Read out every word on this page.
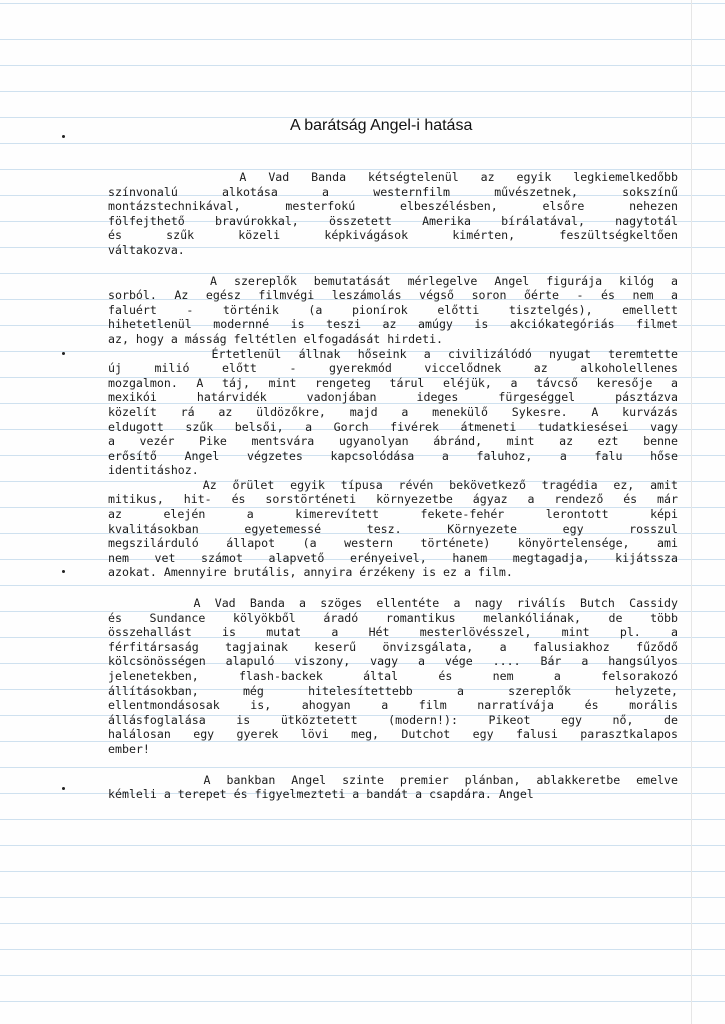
A barátság Angel-i hatása
A Vad Banda kétségtelenül az egyik legkiemelkedőbb
színvonalú alkotása a westernfilm művészetnek, sokszínű
montázstechnikával, mesterfokú elbeszélésben, elsőre nehezen
fölfejthető bravúrokkal, összetett Amerika bírálatával, nagytotál
és szűk közeli képkivágások kimérten, feszültségkeltően
váltakozva.
A szereplők bemutatását mérlegelve Angel figurája kilóg a
sorból. Az egész filmvégi leszámolás végső soron őérte - és nem a
faluért - történik (a pionírok előtti tisztelgés), emellett
hihetetlenül modernné is teszi az amúgy is akciókategóriás filmet
az, hogy a másság feltétlen elfogadását hirdeti.
Értetlenül állnak hőseink a civilizálódó nyugat teremtette
új milió előtt - gyerekmód viccelődnek az alkoholellenes
mozgalmon. A táj, mint rengeteg tárul eléjük, a távcső keresője a
mexikói határvidék vadonjában ideges fürgeséggel pásztázva
közelít rá az üldözőkre, majd a menekülő Sykesre. A kurvázás
eldugott szűk belsői, a Gorch fivérek átmeneti tudatkiesései vagy
a vezér Pike mentsvára ugyanolyan ábránd, mint az ezt benne
erősítő Angel végzetes kapcsolódása a faluhoz, a falu hőse
identitáshoz.
Az őrület egyik típusa révén bekövetkező tragédia ez, amit
mitikus, hit- és sorstörténeti környezetbe ágyaz a rendező és már
az elején a kimerevített fekete-fehér lerontott képi
kvalitásokban egyetemessé tesz. Környezete egy rosszul
megszilárduló állapot (a western története) könyörtelensége, ami
nem vet számot alapvető erényeivel, hanem megtagadja, kijátssza
azokat. Amennyire brutális, annyira érzékeny is ez a film.
A Vad Banda a szöges ellentéte a nagy riválís Butch Cassidy
és Sundance kölyökből áradó romantikus melankóliának, de több
összehallást is mutat a Hét mesterlövésszel, mint pl. a
férfitársaság tagjainak keserű önvizsgálata, a falusiakhoz fűződő
kölcsönösségen alapuló viszony, vagy a vége .... Bár a hangsúlyos
jelenetekben, flash-backek által és nem a felsorakozó
állításokban, még hitelesítettebb a szereplők helyzete,
ellentmondásosak is, ahogyan a film narratívája és morális
állásfoglalása is ütköztetett (modern!): Pikeot egy nő, de
halálosan egy gyerek lövi meg, Dutchot egy falusi parasztkalapos
ember!
A bankban Angel szinte premier plánban, ablakkeretbe emelve
kémleli a terepet és figyelmezteti a bandát a csapdára. Angel
